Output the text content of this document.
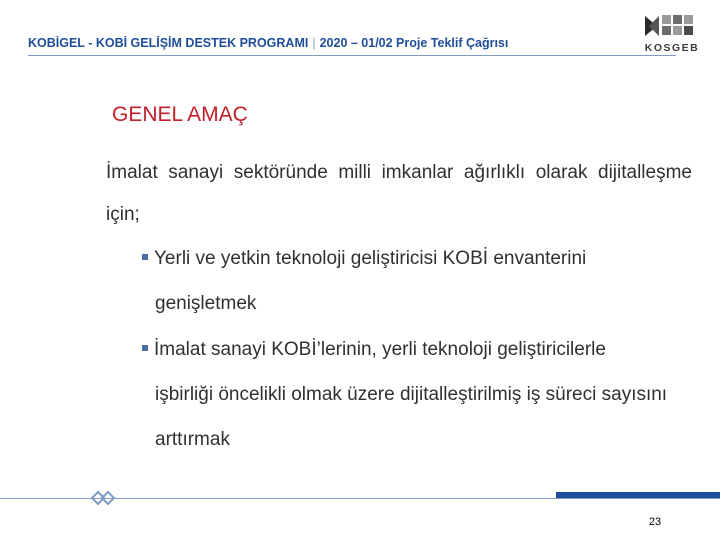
KOBİGEL - KOBİ GELİŞİM DESTEK PROGRAMI | 2020 – 01/02 Proje Teklif Çağrısı	KOSGEB
GENEL AMAÇ
İmalat sanayi sektöründe milli imkanlar ağırlıklı olarak dijitalleşme için;
Yerli ve yetkin teknoloji geliştiricisi KOBİ envanterini
genişletmek
İmalat sanayi KOBİ’lerinin, yerli teknoloji geliştiricilerle
işbirliği öncelikli olmak üzere dijitalleştirilmiş iş süreci sayısını arttırmak
23
